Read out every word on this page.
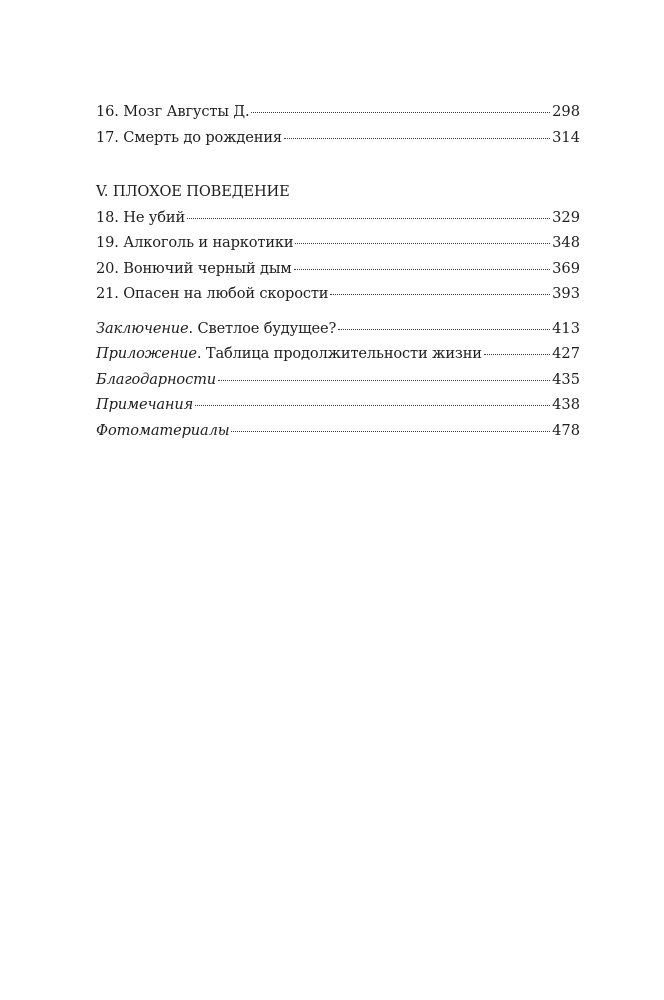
16. Мозг Августы Д.	298
17. Смерть до рождения	314
V. ПЛОХОЕ ПОВЕДЕНИЕ
18. Не убий	329
19. Алкоголь и наркотики	348
20. Вонючий черный дым	369
21. Опасен на любой скорости	393
Заключение. Светлое будущее?	413
Приложение. Таблица продолжительности жизни	427
Благодарности	435
Примечания	438
Фотоматериалы	478
